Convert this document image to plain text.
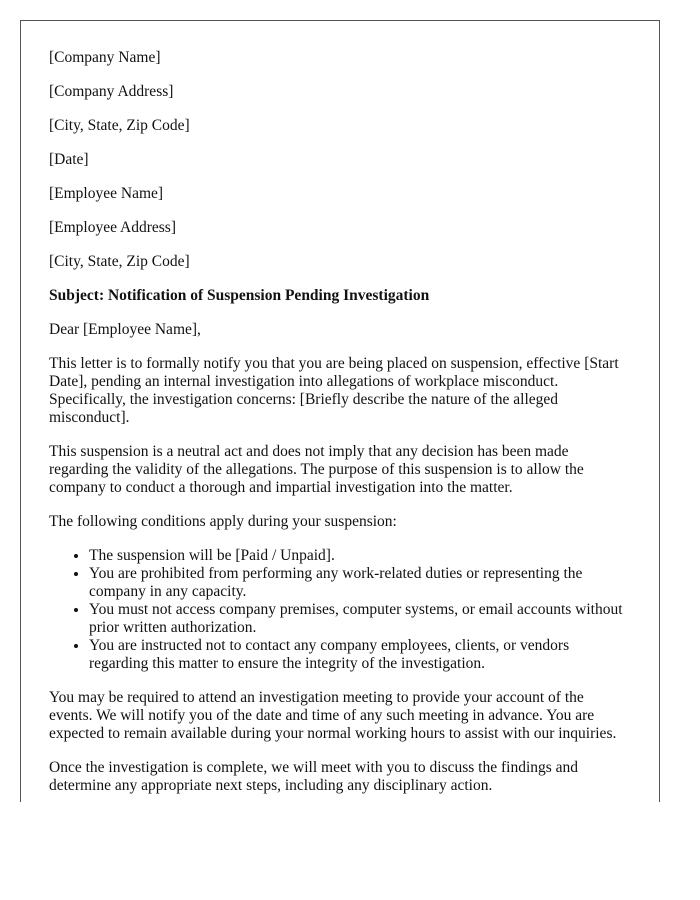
[Company Name]
[Company Address]
[City, State, Zip Code]
[Date]
[Employee Name]
[Employee Address]
[City, State, Zip Code]
Subject: Notification of Suspension Pending Investigation
Dear [Employee Name],

This letter is to formally notify you that you are being placed on suspension, effective [Start Date], pending an internal investigation into allegations of workplace misconduct. Specifically, the investigation concerns: [Briefly describe the nature of the alleged misconduct].

This suspension is a neutral act and does not imply that any decision has been made regarding the validity of the allegations. The purpose of this suspension is to allow the company to conduct a thorough and impartial investigation into the matter.

The following conditions apply during your suspension:

• The suspension will be [Paid / Unpaid].
• You are prohibited from performing any work-related duties or representing the company in any capacity.
• You must not access company premises, computer systems, or email accounts without prior written authorization.
• You are instructed not to contact any company employees, clients, or vendors regarding this matter to ensure the integrity of the investigation.

You may be required to attend an investigation meeting to provide your account of the events. We will notify you of the date and time of any such meeting in advance. You are expected to remain available during your normal working hours to assist with our inquiries.

Once the investigation is complete, we will meet with you to discuss the findings and determine any appropriate next steps, including any disciplinary action.
